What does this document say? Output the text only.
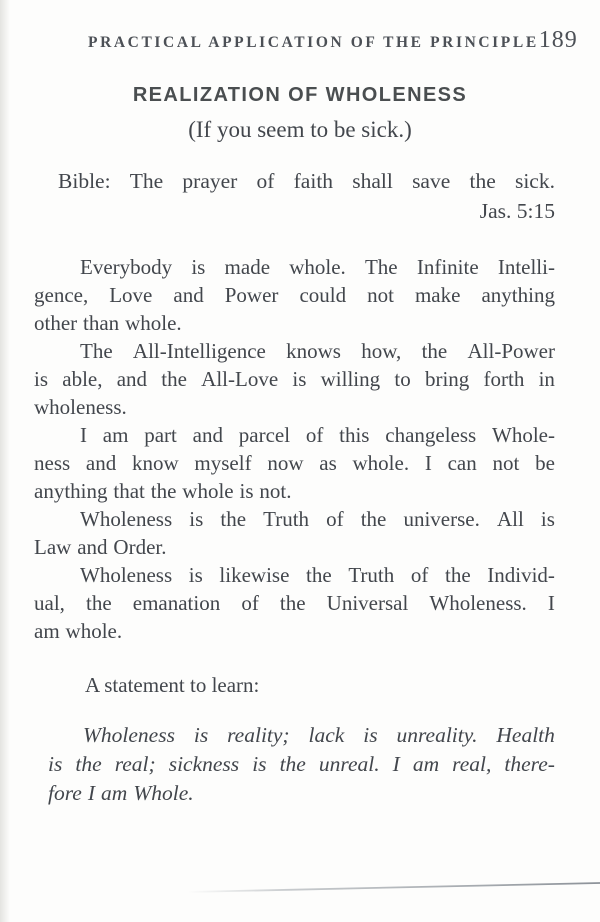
PRACTICAL APPLICATION OF THE PRINCIPLE 189
REALIZATION OF WHOLENESS
(If you seem to be sick.)
Bible: The prayer of faith shall save the sick.
Jas. 5:15
Everybody is made whole. The Infinite Intelli-
gence, Love and Power could not make anything
other than whole.
The All-Intelligence knows how, the All-Power
is able, and the All-Love is willing to bring forth in
wholeness.
I am part and parcel of this changeless Whole-
ness and know myself now as whole. I can not be
anything that the whole is not.
Wholeness is the Truth of the universe. All is
Law and Order.
Wholeness is likewise the Truth of the Individ-
ual, the emanation of the Universal Wholeness. I
am whole.
A statement to learn:
Wholeness is reality; lack is unreality. Health
is the real; sickness is the unreal. I am real, there-
fore I am Whole.
